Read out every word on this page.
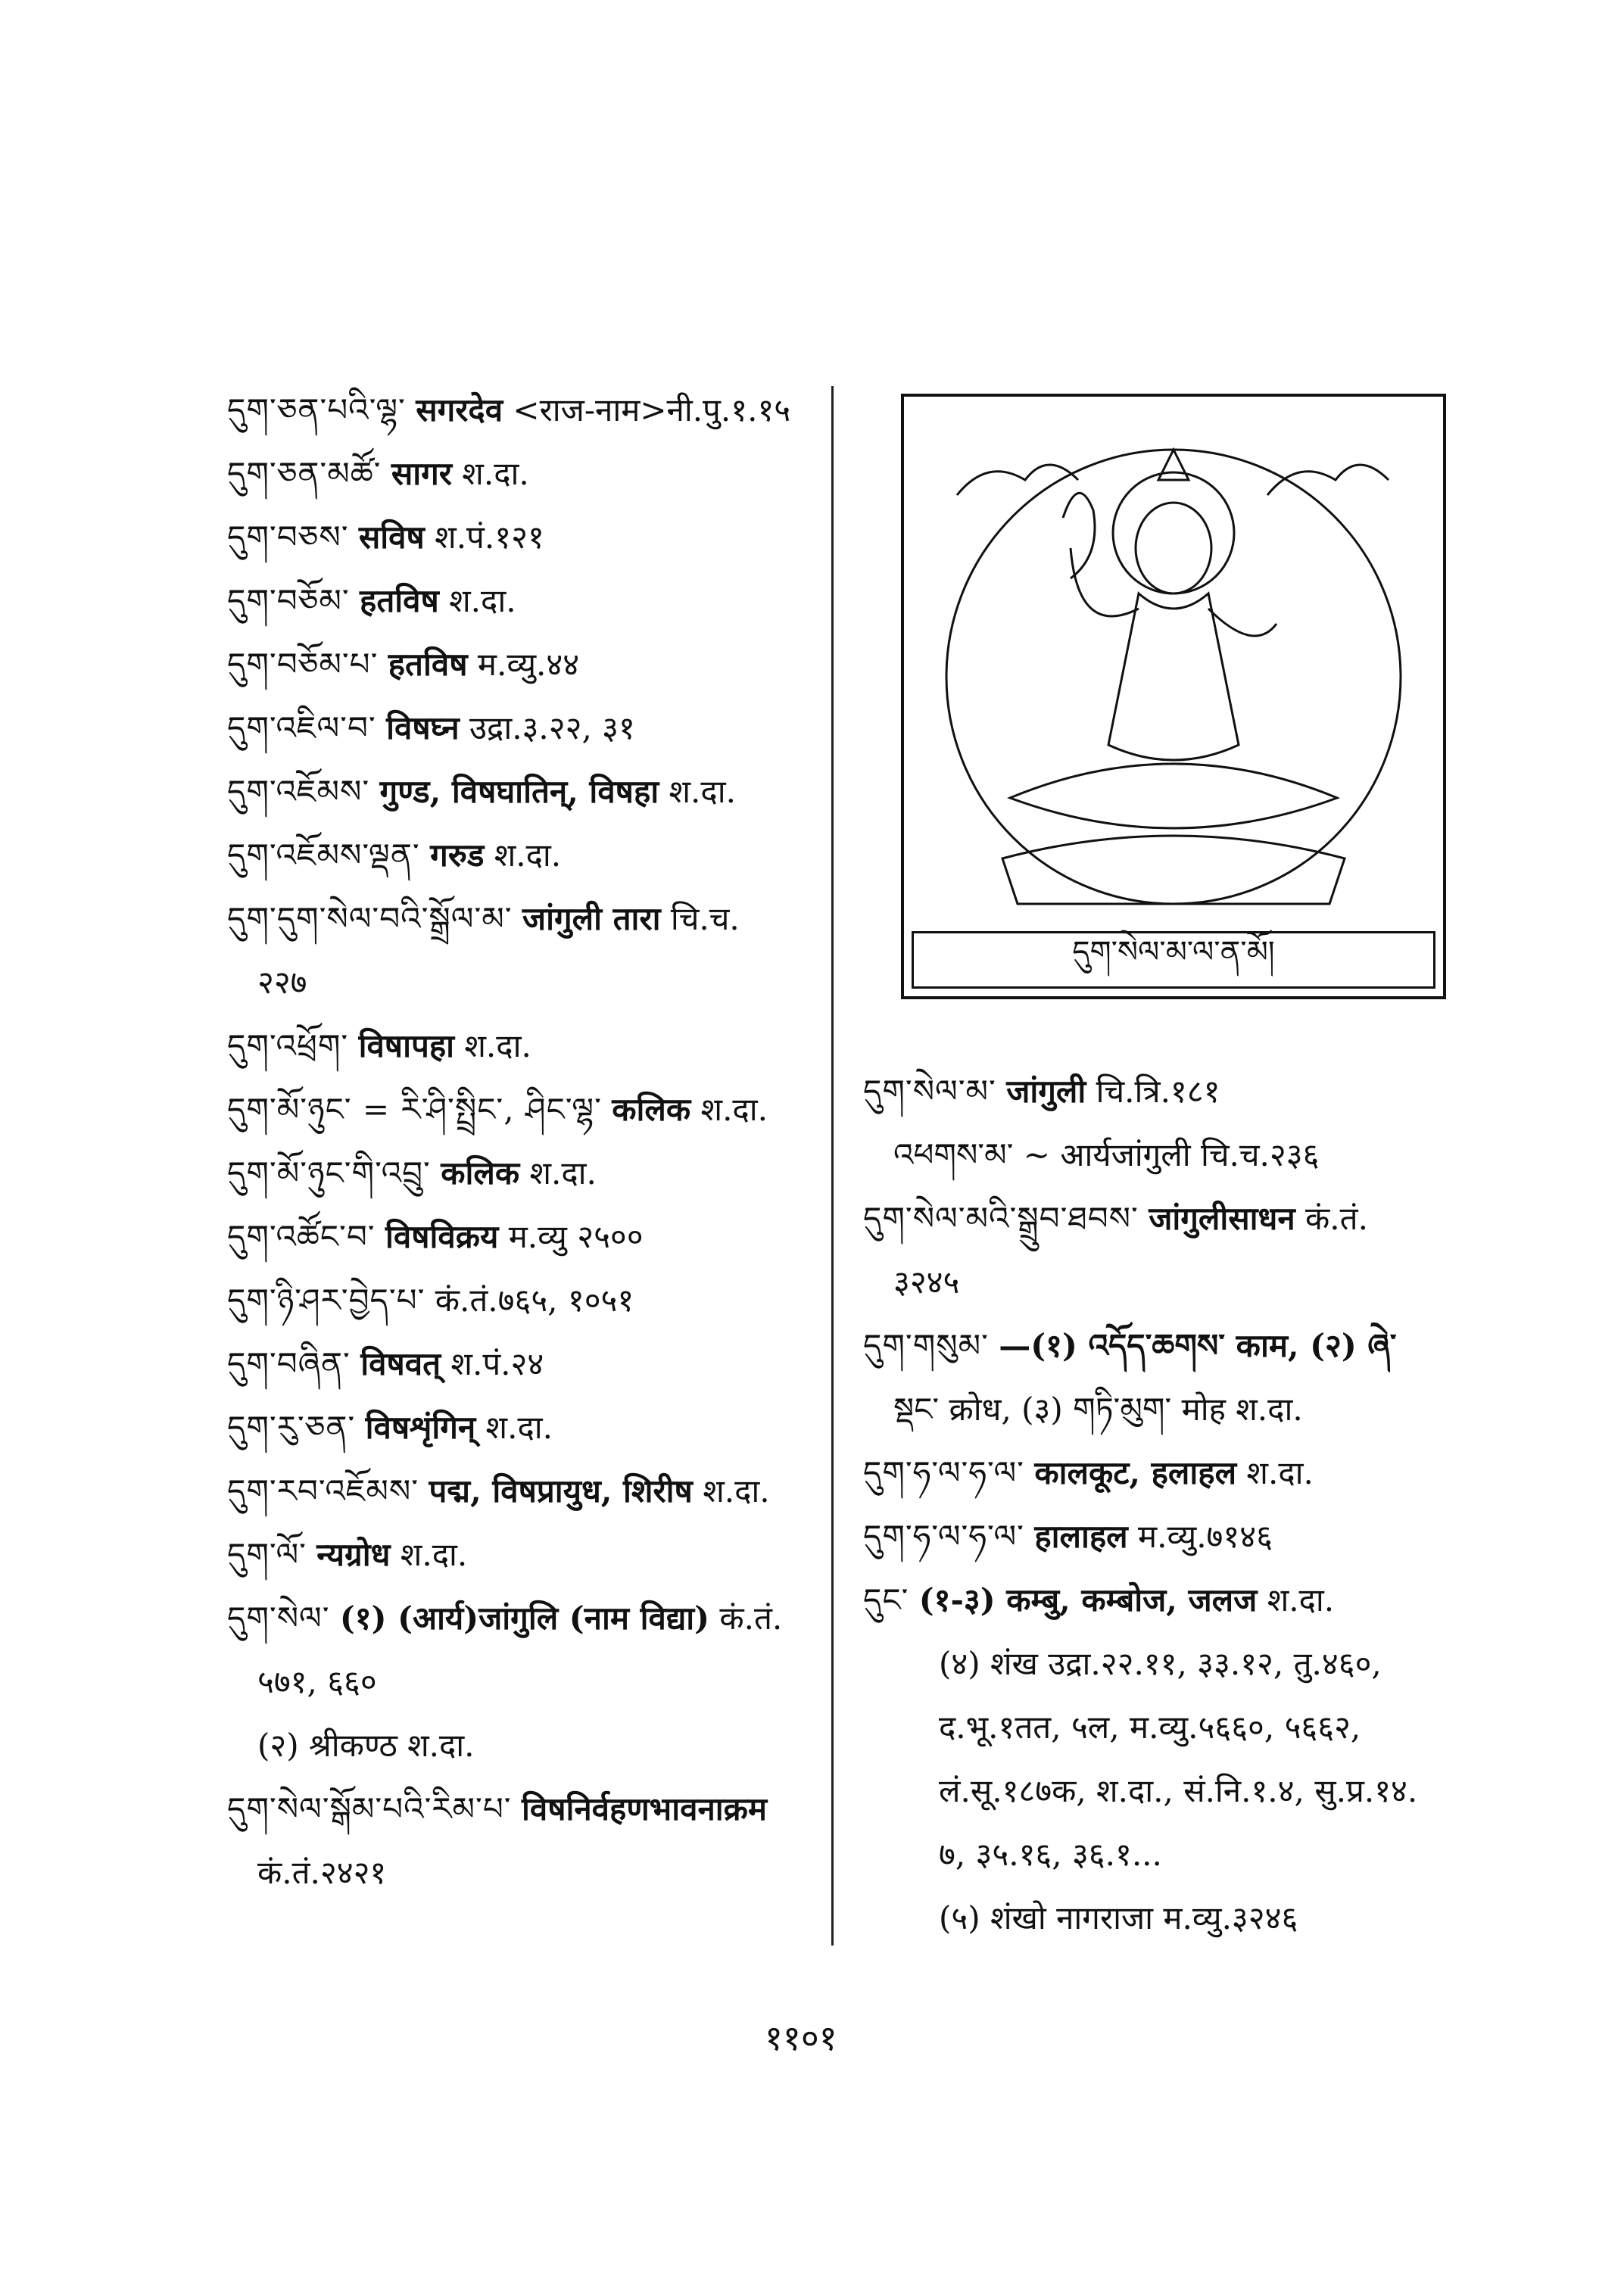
དུག་ཅན་པའི་ལྷ་ सगरदेव <राज-नाम>नी.पु.१.१५
དུག་ཅན་མཚོ་ सागर श.दा.
དུག་བཅས་ सविष श.पं.१२१
དུག་བཅོམ་ हतविष श.दा.
དུག་བཅོམ་པ་ हतविष म.व्यु.४४
དུག་འཇིལ་བ་ विषघ्न उद्रा.३.२२, ३१
དུག་འཇོམས་ गुण्ड, विषघातिन्, विषहा श.दा.
དུག་འཇོམས་ལྡན་ गरुड श.दा.
དུག་དུག་སེལ་བའི་སྒྲོལ་མ་ जांगुली तारा चि.च.
२२७
དུག་འཕྲོག་ विषापहा श.दा.
དུག་མོ་ཉུང་ = རི་ཤི་སྤྲིང་, ཤིང་ལྷ་ कलिक श.दा.
དུག་མོ་ཉུང་གི་འབྲུ་ कलिक श.दा.
དུག་འཚོང་བ་ विषविक्रय म.व्यु २५००
དུག་ཉི་ཤར་བྱེད་པ་ कं.तं.७६५, १०५१
དུག་བཞིན་ विषवत् श.पं.२४
དུག་རུ་ཅན་ विषशृंगिन् श.दा.
དུག་རབ་འཇོམས་ पद्म, विषप्रायुध, शिरीष श.दा.
དུག་ལོ་ न्यग्रोध श.दा.
དུག་སེལ་ (१) (आर्य)जांगुलि (नाम विद्या) कं.तं.
५७१, ६६०
(२) श्रीकण्ठ श.दा.
དུག་སེལ་སྒོམ་པའི་རིམ་པ་ विषनिर्वहणभावनाक्रम
कं.तं.२४२१
དུག་སེལ་མ་ལ་ན་མོ།
དུག་སེལ་མ་ जांगुली चि.त्रि.१८१
འཕགས་མ་ ~ आर्यजांगुली चि.च.२३६
དུག་སེལ་མའི་སྒྲུབ་ཐབས་ जांगुलीसाधन कं.तं.
३२४५
དུག་གསུམ་ —(१) འདོད་ཆགས་ काम, (२) ཞེ་
སྡང་ क्रोध, (३) གཏི་མུག་ मोह श.दा.
དུག་ཧ་ལ་ཧ་ལ་ कालकूट, हलाहल श.दा.
དུག་ཧ་ལ་ཧ་ལ་ हालाहल म.व्यु.७१४६
དུང་ (१-३) कम्बु, कम्बोज, जलज श.दा.
(४) शंख उद्रा.२२.११, ३३.१२, तु.४६०,
द.भू.१तत, ५ल, म.व्यु.५६६०, ५६६२,
लं.सू.१८७क, श.दा., सं.नि.१.४, सु.प्र.१४.
७, ३५.१६, ३६.१...
(५) शंखो नागराजा म.व्यु.३२४६
११०१
